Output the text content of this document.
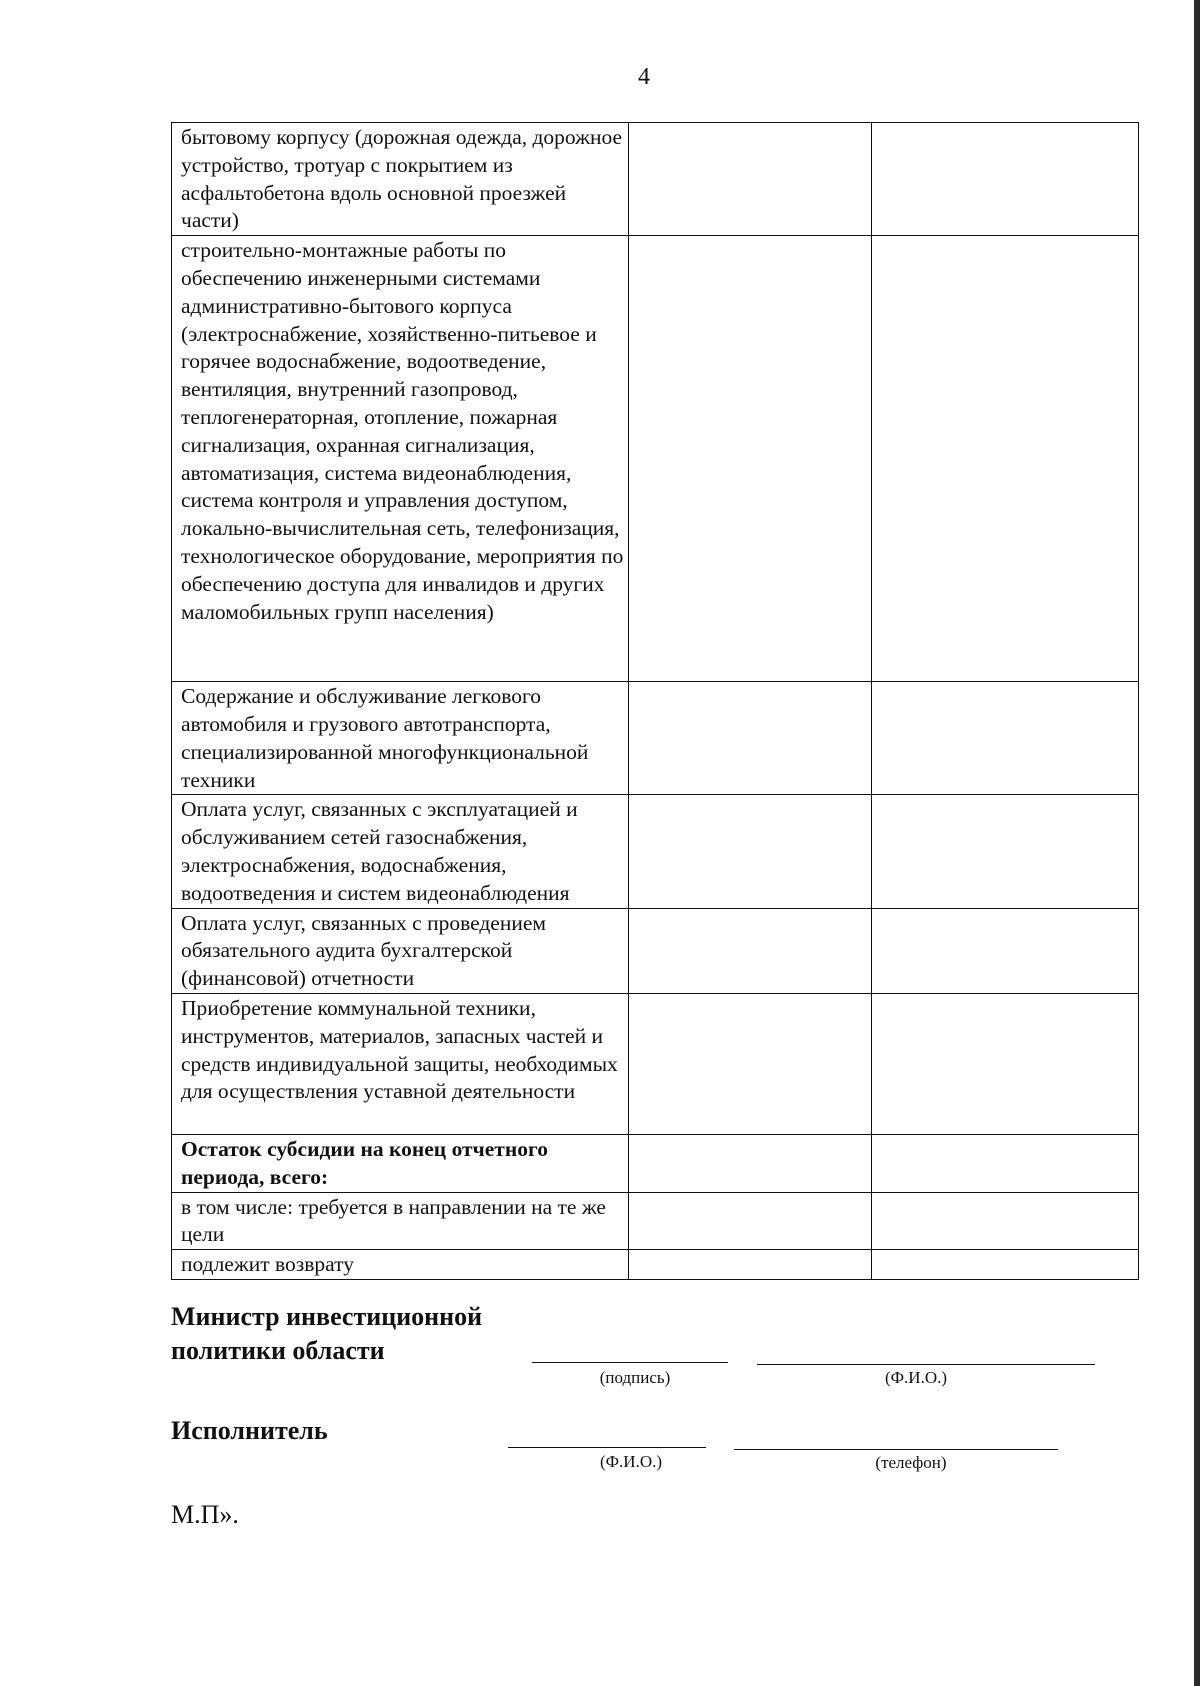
4
бытовому корпусу (дорожная одежда, дорожное устройство, тротуар с покрытием из асфальтобетона вдоль основной проезжей части)		
строительно-монтажные работы по обеспечению инженерными системами административно-бытового корпуса (электроснабжение, хозяйственно-питьевое и горячее водоснабжение, водоотведение, вентиляция, внутренний газопровод, теплогенераторная, отопление, пожарная сигнализация, охранная сигнализация, автоматизация, система видеонаблюдения, система контроля и управления доступом, локально-вычислительная сеть, телефонизация, технологическое оборудование, мероприятия по обеспечению доступа для инвалидов и других маломобильных групп населения)		
Содержание и обслуживание легкового автомобиля и грузового автотранспорта, специализированной многофункциональной техники		
Оплата услуг, связанных с эксплуатацией и обслуживанием сетей газоснабжения, электроснабжения, водоснабжения, водоотведения и систем видеонаблюдения		
Оплата услуг, связанных с проведением обязательного аудита бухгалтерской (финансовой) отчетности		
Приобретение коммунальной техники, инструментов, материалов, запасных частей и средств индивидуальной защиты, необходимых для осуществления уставной деятельности		
Остаток субсидии на конец отчетного периода, всего:		
в том числе: требуется в направлении на те же цели		
подлежит возврату		
Министр инвестиционной политики области
(подпись)	(Ф.И.О.)
Исполнитель
(Ф.И.О.)	(телефон)
М.П».
